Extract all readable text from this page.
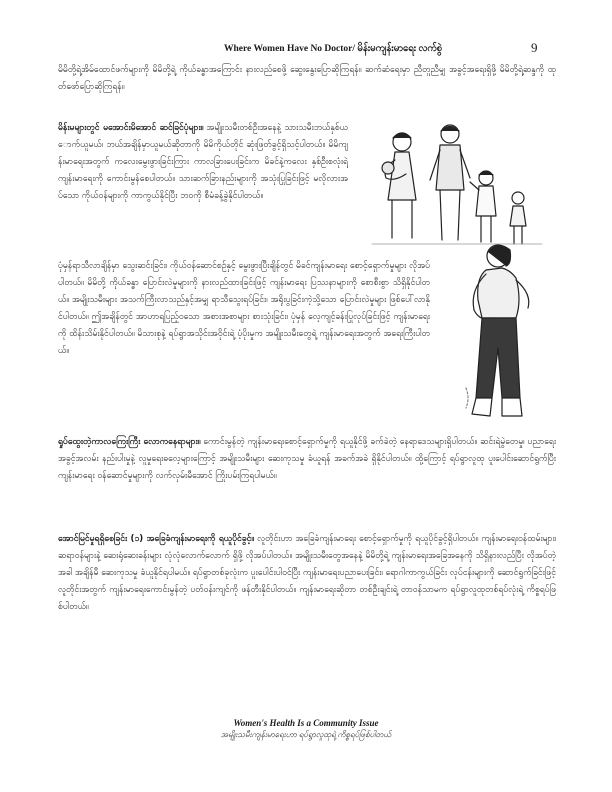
Where Women Have No Doctor/ မိန်းမကျန်းမာရေး လက်စွဲ	9

မိမိတို့ရဲ့အိမ်ထောင်ဖက်များကို မိမိတို့ရဲ့ ကိုယ်ခန္ဓာအကြောင်း နားလည်စေဖို့ ဆွေးနွေးပြောဆိုကြရန်။ ဆက်ဆံရေးမှာ ညီတူညီမျှ အခွင့်အရေးရှိဖို့ မိမိတို့ရဲ့ဆန္ဒကို ထုတ်ဖော်ပြောဆိုကြရန်။

မိန်းမများတွင် မအောင်းမိအောင် ဆင်ခြင်ပုံများ။ အမျိုးသမီးတစ်ဦးအနေနဲ့ သားသမီးဘယ်နှစ်ယောက်ယူမယ်၊ ဘယ်အချိန်မှာယူမယ်ဆိုတာကို မိမိကိုယ်တိုင် ဆုံးဖြတ်ခွင့်ရှိသင့်ပါတယ်။ မိမိကျန်းမာရေးအတွက် ကလေးမွေးဖွားခြင်းကြား ကာလခြားပေးခြင်းက မိခင်နဲ့ကလေး နှစ်ဦးစလုံးရဲ့ ကျန်းမာရေးကို ကောင်းမွန်စေပါတယ်။ သားဆက်ခြားနည်းများကို အသုံးပြုခြင်းဖြင့် မလိုလားအပ်သော ကိုယ်ဝန်များကို ကာကွယ်နိုင်ပြီး ဘဝကို စီမံခန့်ခွဲနိုင်ပါတယ်။

ပုံမှန်ရာသီလာချိန်မှာ သွေးဆင်းခြင်း၊ ကိုယ်ဝန်ဆောင်စဉ်နှင့် မွေးဖွားပြီးချိန်တွင် မိခင်ကျန်းမာရေး စောင့်ရှောက်မှုများ လိုအပ်ပါတယ်။ မိမိတို့ ကိုယ်ခန္ဓာ ပြောင်းလဲမှုများကို နားလည်ထားခြင်းဖြင့် ကျန်းမာရေး ပြဿနာများကို စောစီးစွာ သိရှိနိုင်ပါတယ်။ အမျိုးသမီးများ အသက်ကြီးလာသည်နှင့်အမျှ ရာသီသွေးရပ်ခြင်း၊ အရိုးပွခြင်းကဲ့သို့သော ပြောင်းလဲမှုများ ဖြစ်ပေါ်လာနိုင်ပါတယ်။ ဤအချိန်တွင် အာဟာရပြည့်ဝသော အစားအစာများ စားသုံးခြင်း၊ ပုံမှန် လေ့ကျင့်ခန်းပြုလုပ်ခြင်းဖြင့် ကျန်းမာရေးကို ထိန်းသိမ်းနိုင်ပါတယ်။ မိသားစုနဲ့ ရပ်ရွာအသိုင်းအဝိုင်းရဲ့ ပံ့ပိုးမှုက အမျိုးသမီးတွေရဲ့ ကျန်းမာရေးအတွက် အရေးကြီးပါတယ်။

ရှုပ်ထွေးတဲ့ကာလကြေးကြီး လောကနေရာများ။ ကောင်းမွန်တဲ့ ကျန်းမာရေးစောင့်ရှောက်မှုကို ရယူနိုင်ဖို့ ခက်ခဲတဲ့ နေရာဒေသများရှိပါတယ်။ ဆင်းရဲမွဲတေမှု၊ ပညာရေးအခွင့်အလမ်း နည်းပါးမှုနဲ့ လူမှုရေးဓလေ့များကြောင့် အမျိုးသမီးများ ဆေးကုသမှု ခံယူရန် အခက်အခဲ ရှိနိုင်ပါတယ်။ ထို့ကြောင့် ရပ်ရွာလူထု ပူးပေါင်းဆောင်ရွက်ပြီး ကျန်းမာရေး ဝန်ဆောင်မှုများကို လက်လှမ်းမီအောင် ကြိုးပမ်းကြရပါမယ်။

အောင်မြင်မှုရရှိစေခြင်း (၁) အခြေခံကျန်းမာရေးကို ရယူပိုင်ခွင့်။ လူတိုင်းဟာ အခြေခံကျန်းမာရေး စောင့်ရှောက်မှုကို ရယူပိုင်ခွင့်ရှိပါတယ်။ ကျန်းမာရေးဝန်ထမ်းများ၊ ဆရာဝန်များနဲ့ ဆေးရုံဆေးခန်းများ လုံလုံလောက်လောက် ရှိဖို့ လိုအပ်ပါတယ်။ အမျိုးသမီးတွေအနေနဲ့ မိမိတို့ရဲ့ ကျန်းမာရေးအခြေအနေကို သိရှိနားလည်ပြီး လိုအပ်တဲ့အခါ အချိန်မီ ဆေးကုသမှု ခံယူနိုင်ရပါမယ်။ ရပ်ရွာတစ်ခုလုံးက ပူးပေါင်းပါဝင်ပြီး ကျန်းမာရေးပညာပေးခြင်း၊ ရောဂါကာကွယ်ခြင်း လုပ်ငန်းများကို ဆောင်ရွက်ခြင်းဖြင့် လူတိုင်းအတွက် ကျန်းမာရေးကောင်းမွန်တဲ့ ပတ်ဝန်းကျင်ကို ဖန်တီးနိုင်ပါတယ်။ ကျန်းမာရေးဆိုတာ တစ်ဦးချင်းရဲ့ တာဝန်သာမက ရပ်ရွာလူထုတစ်ရပ်လုံးရဲ့ ကိစ္စရပ်ဖြစ်ပါတယ်။

Women's Health Is a Community Issue
အမျိုးသမီးကျန်းမာရေးဟာ ရပ်ရွာလူထုရဲ့ ကိစ္စရပ်ဖြစ်ပါတယ်
